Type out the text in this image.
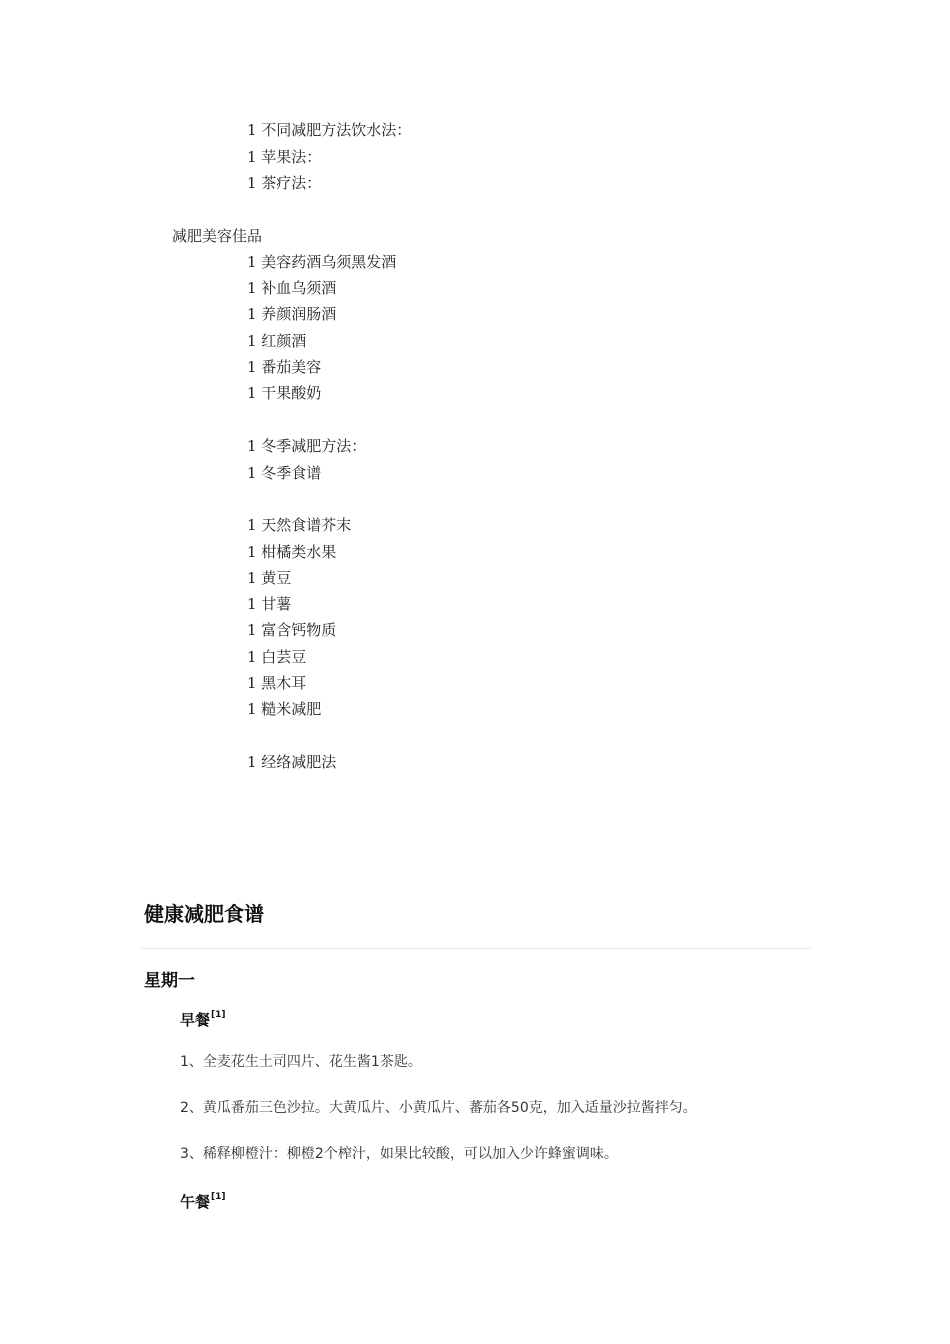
1 不同减肥方法饮水法：
1 苹果法：
1 茶疗法：
减肥美容佳品
1 美容药酒乌须黑发酒
1 补血乌须酒
1 养颜润肠酒
1 红颜酒
1 番茄美容
1 干果酸奶
1 冬季减肥方法：
1 冬季食谱
1 天然食谱芥末
1 柑橘类水果
1 黄豆
1 甘薯
1 富含钙物质
1 白芸豆
1 黑木耳
1 糙米减肥
1 经络减肥法
健康减肥食谱
星期一
早餐[1]
1、全麦花生土司四片、花生酱1茶匙。
2、黄瓜番茄三色沙拉。大黄瓜片、小黄瓜片、蕃茄各50克，加入适量沙拉酱拌匀。
3、稀释柳橙汁：柳橙2个榨汁，如果比较酸，可以加入少许蜂蜜调味。
午餐[1]
